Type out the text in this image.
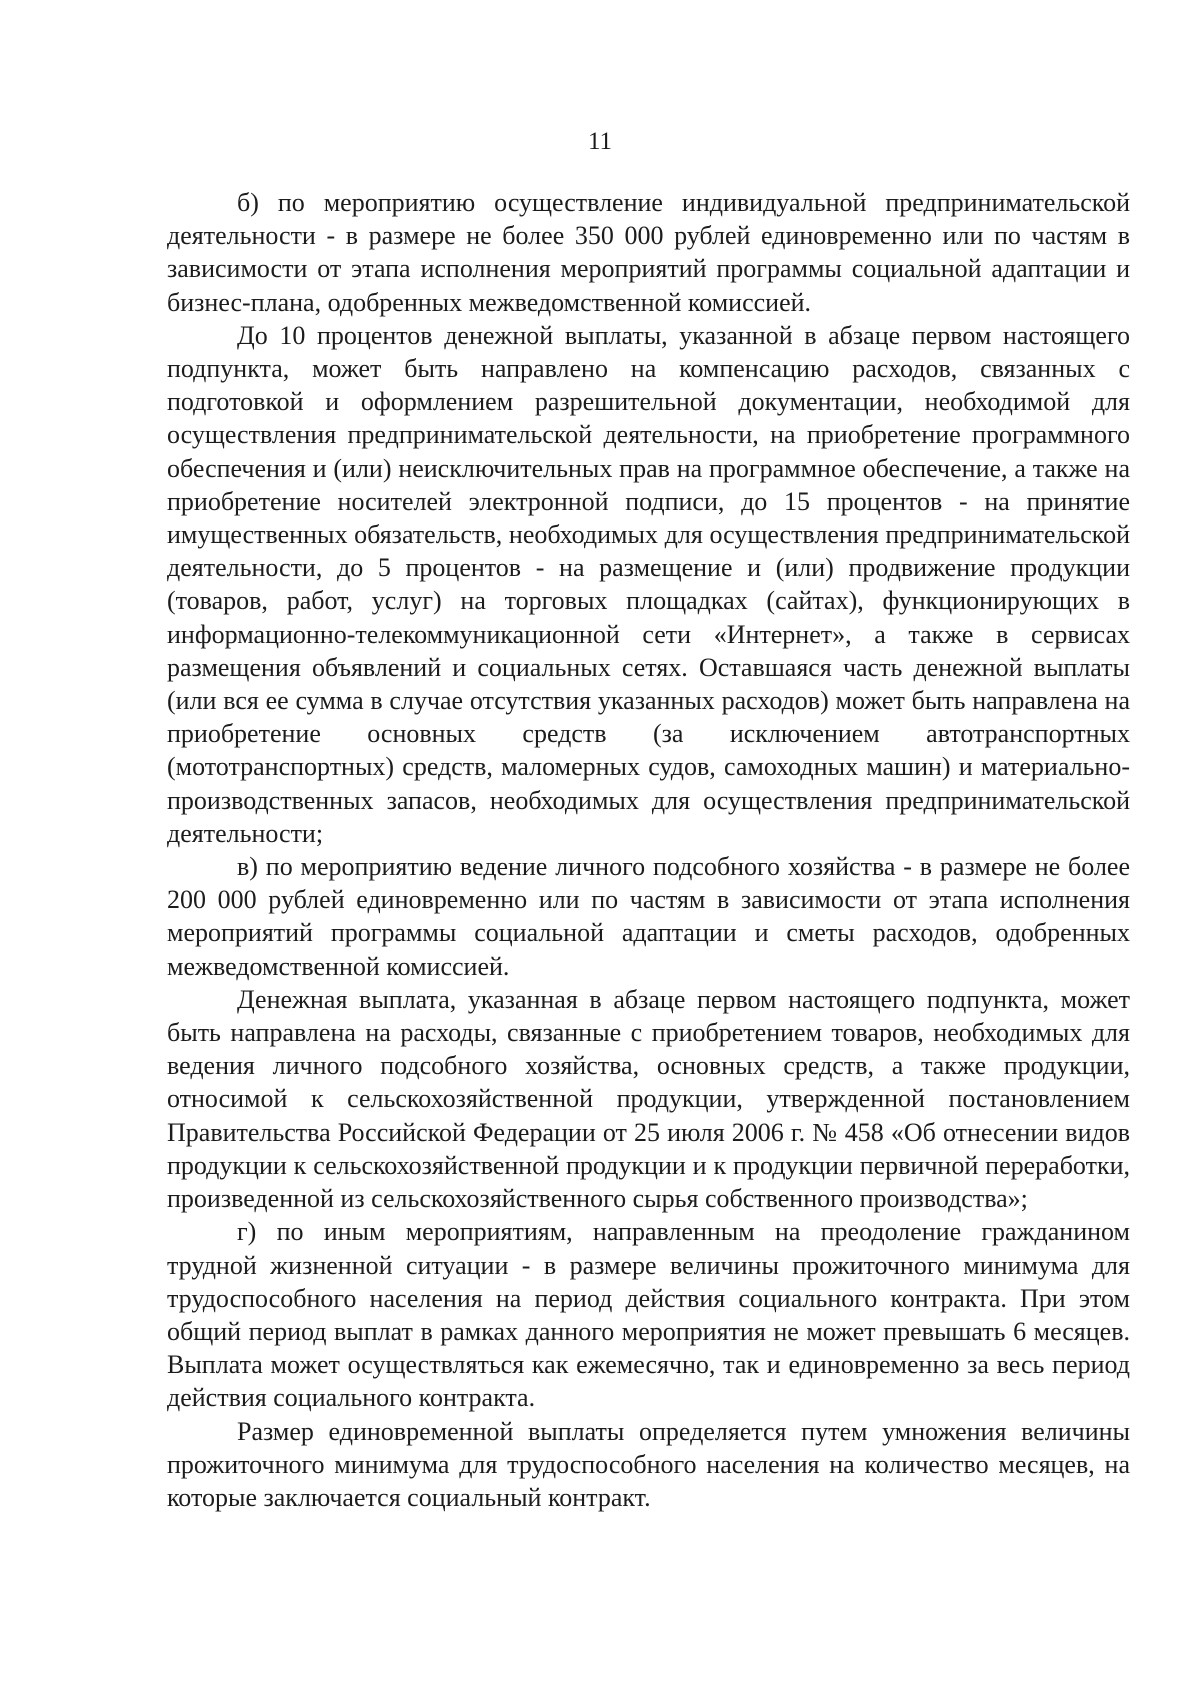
11

б) по мероприятию осуществление индивидуальной предпринимательской деятельности - в размере не более 350 000 рублей единовременно или по частям в зависимости от этапа исполнения мероприятий программы социальной адаптации и бизнес-плана, одобренных межведомственной комиссией.

До 10 процентов денежной выплаты, указанной в абзаце первом настоящего подпункта, может быть направлено на компенсацию расходов, связанных с подготовкой и оформлением разрешительной документации, необходимой для осуществления предпринимательской деятельности, на приобретение программного обеспечения и (или) неисключительных прав на программное обеспечение, а также на приобретение носителей электронной подписи, до 15 процентов - на принятие имущественных обязательств, необходимых для осуществления предпринимательской деятельности, до 5 процентов - на размещение и (или) продвижение продукции (товаров, работ, услуг) на торговых площадках (сайтах), функционирующих в информационно-телекоммуникационной сети «Интернет», а также в сервисах размещения объявлений и социальных сетях. Оставшаяся часть денежной выплаты (или вся ее сумма в случае отсутствия указанных расходов) может быть направлена на приобретение основных средств (за исключением автотранспортных (мототранспортных) средств, маломерных судов, самоходных машин) и материально-производственных запасов, необходимых для осуществления предпринимательской деятельности;

в) по мероприятию ведение личного подсобного хозяйства - в размере не более 200 000 рублей единовременно или по частям в зависимости от этапа исполнения мероприятий программы социальной адаптации и сметы расходов, одобренных межведомственной комиссией.

Денежная выплата, указанная в абзаце первом настоящего подпункта, может быть направлена на расходы, связанные с приобретением товаров, необходимых для ведения личного подсобного хозяйства, основных средств, а также продукции, относимой к сельскохозяйственной продукции, утвержденной постановлением Правительства Российской Федерации от 25 июля 2006 г. № 458 «Об отнесении видов продукции к сельскохозяйственной продукции и к продукции первичной переработки, произведенной из сельскохозяйственного сырья собственного производства»;

г) по иным мероприятиям, направленным на преодоление гражданином трудной жизненной ситуации - в размере величины прожиточного минимума для трудоспособного населения на период действия социального контракта. При этом общий период выплат в рамках данного мероприятия не может превышать 6 месяцев. Выплата может осуществляться как ежемесячно, так и единовременно за весь период действия социального контракта.

Размер единовременной выплаты определяется путем умножения величины прожиточного минимума для трудоспособного населения на количество месяцев, на которые заключается социальный контракт.
